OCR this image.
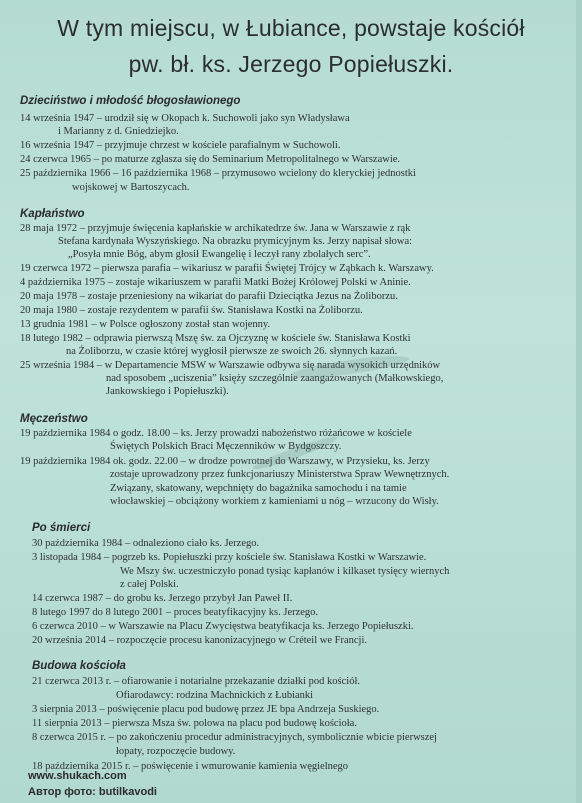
W tym miejscu, w Łubiance, powstaje kościół
pw. bł. ks. Jerzego Popiełuszki.
Dzieciństwo i młodość błogosławionego
14 września 1947 – urodził się w Okopach k. Suchowoli jako syn Władysława
i Marianny z d. Gniedziejko.
16 września 1947 – przyjmuje chrzest w kościele parafialnym w Suchowoli.
24 czerwca 1965 – po maturze zgłasza się do Seminarium Metropolitalnego w Warszawie.
25 października 1966 – 16 października 1968 – przymusowo wcielony do kleryckiej jednostki
wojskowej w Bartoszycach.
Kapłaństwo
28 maja 1972 – przyjmuje święcenia kapłańskie w archikatedrze św. Jana w Warszawie z rąk
Stefana kardynała Wyszyńskiego. Na obrazku prymicyjnym ks. Jerzy napisał słowa:
„Posyła mnie Bóg, abym głosił Ewangelię i leczył rany zbolałych serc”.
19 czerwca 1972 – pierwsza parafia – wikariusz w parafii Świętej Trójcy w Ząbkach k. Warszawy.
4 października 1975 – zostaje wikariuszem w parafii Matki Bożej Królowej Polski w Aninie.
20 maja 1978 – zostaje przeniesiony na wikariat do parafii Dzieciątka Jezus na Żoliborzu.
20 maja 1980 – zostaje rezydentem w parafii św. Stanisława Kostki na Żoliborzu.
13 grudnia 1981 – w Polsce ogłoszony został stan wojenny.
18 lutego 1982 – odprawia pierwszą Mszę św. za Ojczyznę w kościele św. Stanisława Kostki
na Żoliborzu, w czasie której wygłosił pierwsze ze swoich 26. słynnych kazań.
25 września 1984 – w Departamencie MSW w Warszawie odbywa się narada wysokich urzędników
nad sposobem „uciszenia” księży szczególnie zaangażowanych (Małkowskiego,
Jankowskiego i Popiełuszki).
Męczeństwo
19 października 1984 o godz. 18.00 – ks. Jerzy prowadzi nabożeństwo różańcowe w kościele
Świętych Polskich Braci Męczenników w Bydgoszczy.
19 października 1984 ok. godz. 22.00 – w drodze powrotnej do Warszawy, w Przysieku, ks. Jerzy
zostaje uprowadzony przez funkcjonariuszy Ministerstwa Spraw Wewnętrznych.
Związany, skatowany, wepchnięty do bagażnika samochodu i na tamie
włocławskiej – obciążony workiem z kamieniami u nóg – wrzucony do Wisły.
Po śmierci
30 października 1984 – odnaleziono ciało ks. Jerzego.
3 listopada 1984 – pogrzeb ks. Popiełuszki przy kościele św. Stanisława Kostki w Warszawie.
We Mszy św. uczestniczyło ponad tysiąc kapłanów i kilkaset tysięcy wiernych
z całej Polski.
14 czerwca 1987 – do grobu ks. Jerzego przybył Jan Paweł II.
8 lutego 1997 do 8 lutego 2001 – proces beatyfikacyjny ks. Jerzego.
6 czerwca 2010 – w Warszawie na Placu Zwycięstwa beatyfikacja ks. Jerzego Popiełuszki.
20 września 2014 – rozpoczęcie procesu kanonizacyjnego w Créteil we Francji.
Budowa kościoła
21 czerwca 2013 r. – ofiarowanie i notarialne przekazanie działki pod kościół.
Ofiarodawcy: rodzina Machnickich z Łubianki
3 sierpnia 2013 – poświęcenie placu pod budowę przez JE bpa Andrzeja Suskiego.
11 sierpnia 2013 – pierwsza Msza św. polowa na placu pod budowę kościoła.
8 czerwca 2015 r. – po zakończeniu procedur administracyjnych, symbolicznie wbicie pierwszej
łopaty, rozpoczęcie budowy.
18 października 2015 r. – poświęcenie i wmurowanie kamienia węgielnego
www.shukach.com
Автор фото: butilkavodi
